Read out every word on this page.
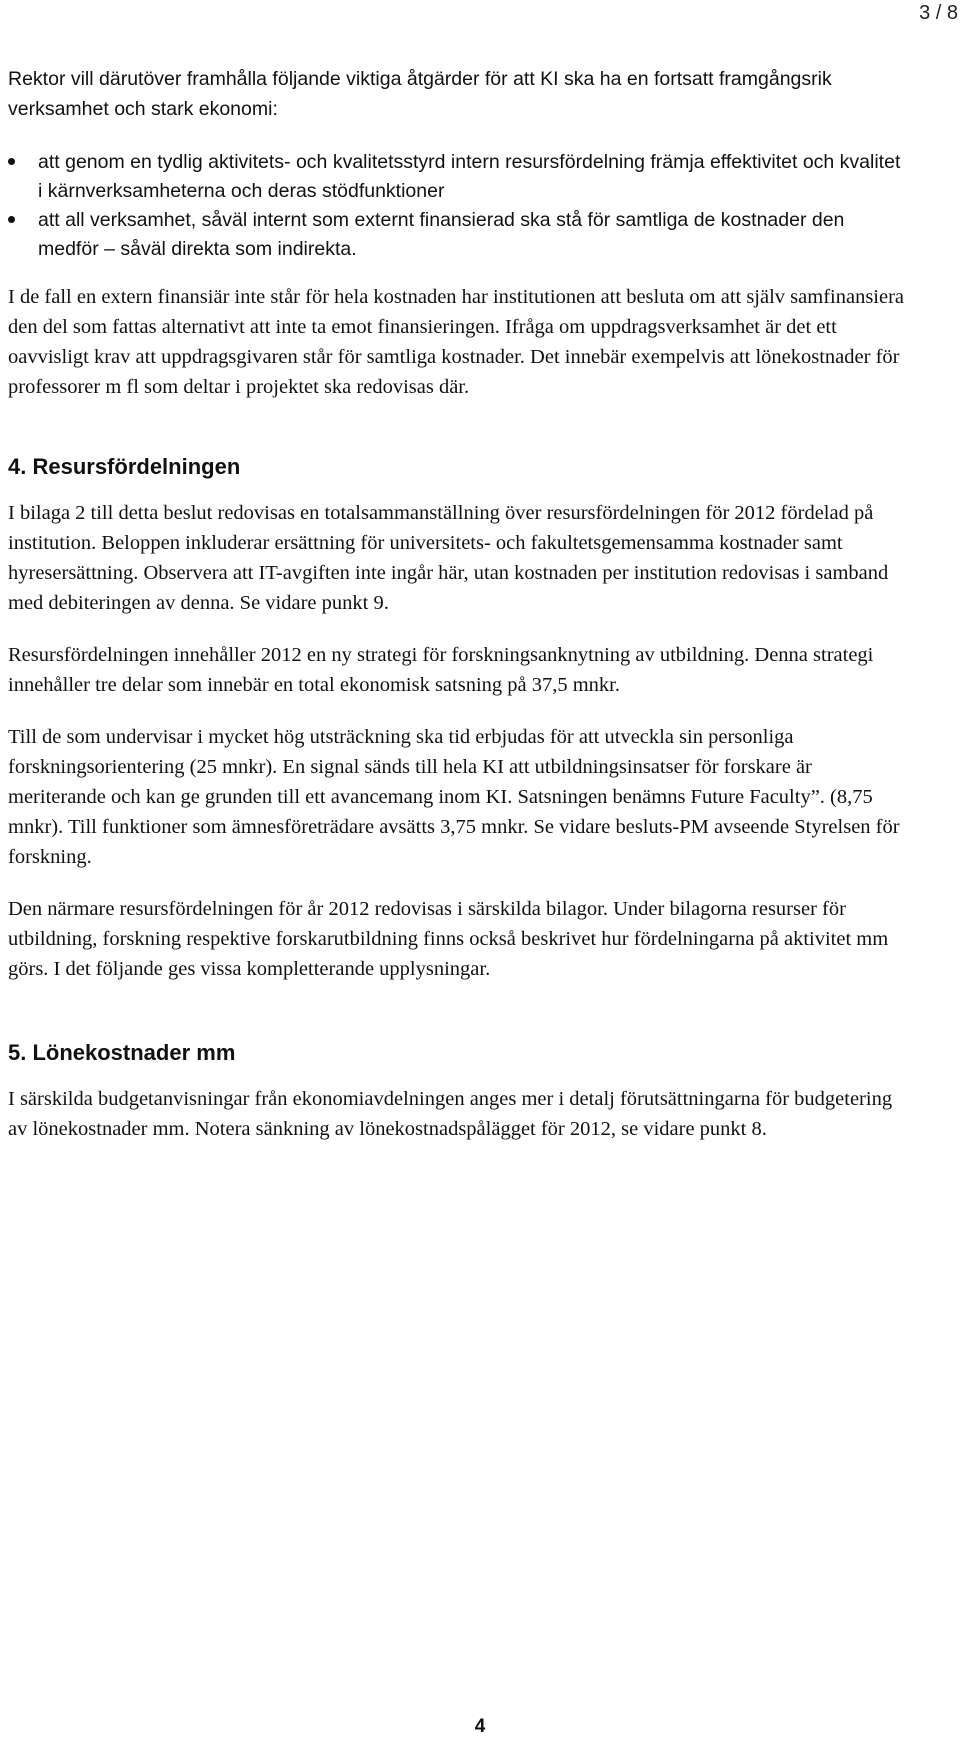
3 / 8

Rektor vill därutöver framhålla följande viktiga åtgärder för att KI ska ha en fortsatt framgångsrik verksamhet och stark ekonomi:

att genom en tydlig aktivitets- och kvalitetsstyrd intern resursfördelning främja effektivitet och kvalitet i kärnverksamheterna och deras stödfunktioner
att all verksamhet, såväl internt som externt finansierad ska stå för samtliga de kostnader den medför – såväl direkta som indirekta.

I de fall en extern finansiär inte står för hela kostnaden har institutionen att besluta om att själv samfinansiera den del som fattas alternativt att inte ta emot finansieringen. Ifråga om uppdragsverksamhet är det ett oavvisligt krav att uppdragsgivaren står för samtliga kostnader. Det innebär exempelvis att lönekostnader för professorer m fl som deltar i projektet ska redovisas där.

4. Resursfördelningen

I bilaga 2 till detta beslut redovisas en totalsammanställning över resursfördelningen för 2012 fördelad på institution. Beloppen inkluderar ersättning för universitets- och fakultetsgemensamma kostnader samt hyresersättning. Observera att IT-avgiften inte ingår här, utan kostnaden per institution redovisas i samband med debiteringen av denna. Se vidare punkt 9.

Resursfördelningen innehåller 2012 en ny strategi för forskningsanknytning av utbildning. Denna strategi innehåller tre delar som innebär en total ekonomisk satsning på 37,5 mnkr.

Till de som undervisar i mycket hög utsträckning ska tid erbjudas för att utveckla sin personliga forskningsorientering (25 mnkr). En signal sänds till hela KI att utbildningsinsatser för forskare är meriterande och kan ge grunden till ett avancemang inom KI. Satsningen benämns Future Faculty”. (8,75 mnkr). Till funktioner som ämnesföreträdare avsätts 3,75 mnkr. Se vidare besluts-PM avseende Styrelsen för forskning.

Den närmare resursfördelningen för år 2012 redovisas i särskilda bilagor. Under bilagorna resurser för utbildning, forskning respektive forskarutbildning finns också beskrivet hur fördelningarna på aktivitet mm görs. I det följande ges vissa kompletterande upplysningar.

5. Lönekostnader mm

I särskilda budgetanvisningar från ekonomiavdelningen anges mer i detalj förutsättningarna för budgetering av lönekostnader mm. Notera sänkning av lönekostnadspålägget för 2012, se vidare punkt 8.

4
